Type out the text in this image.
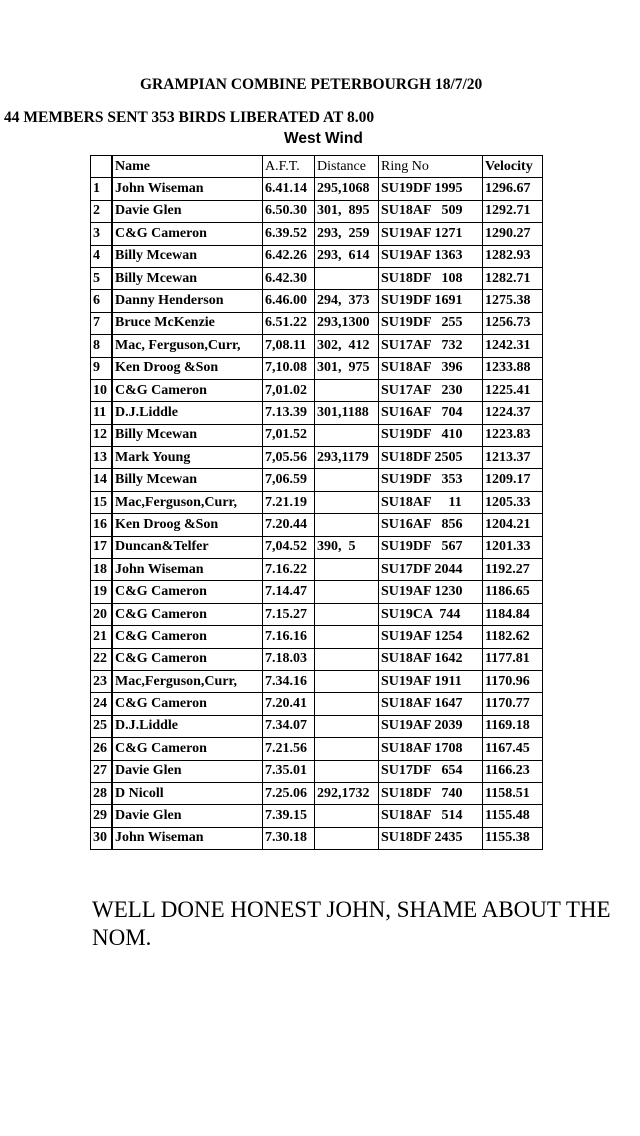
GRAMPIAN COMBINE PETERBOURGH 18/7/20
44 MEMBERS SENT 353 BIRDS LIBERATED AT 8.00
West Wind
	Name	A.F.T.	Distance	Ring No	Velocity
1	John Wiseman	6.41.14	295,1068	SU19DF 1995	1296.67
2	Davie Glen	6.50.30	301,  895	SU18AF   509	1292.71
3	C&G Cameron	6.39.52	293,  259	SU19AF 1271	1290.27
4	Billy Mcewan	6.42.26	293,  614	SU19AF 1363	1282.93
5	Billy Mcewan	6.42.30		SU18DF   108	1282.71
6	Danny Henderson	6.46.00	294,  373	SU19DF 1691	1275.38
7	Bruce McKenzie	6.51.22	293,1300	SU19DF   255	1256.73
8	Mac, Ferguson,Curr,	7,08.11	302,  412	SU17AF   732	1242.31
9	Ken Droog &Son	7,10.08	301,  975	SU18AF   396	1233.88
10	C&G Cameron	7,01.02		SU17AF   230	1225.41
11	D.J.Liddle	7.13.39	301,1188	SU16AF   704	1224.37
12	Billy Mcewan	7,01.52		SU19DF   410	1223.83
13	Mark Young	7,05.56	293,1179	SU18DF 2505	1213.37
14	Billy Mcewan	7,06.59		SU19DF   353	1209.17
15	Mac,Ferguson,Curr,	7.21.19		SU18AF     11	1205.33
16	Ken Droog &Son	7.20.44		SU16AF   856	1204.21
17	Duncan&Telfer	7,04.52	390,  5	SU19DF   567	1201.33
18	John Wiseman	7.16.22		SU17DF 2044	1192.27
19	C&G Cameron	7.14.47		SU19AF 1230	1186.65
20	C&G Cameron	7.15.27		SU19CA  744	1184.84
21	C&G Cameron	7.16.16		SU19AF 1254	1182.62
22	C&G Cameron	7.18.03		SU18AF 1642	1177.81
23	Mac,Ferguson,Curr,	7.34.16		SU19AF 1911	1170.96
24	C&G Cameron	7.20.41		SU18AF 1647	1170.77
25	D.J.Liddle	7.34.07		SU19AF 2039	1169.18
26	C&G Cameron	7.21.56		SU18AF 1708	1167.45
27	Davie Glen	7.35.01		SU17DF   654	1166.23
28	D Nicoll	7.25.06	292,1732	SU18DF   740	1158.51
29	Davie Glen	7.39.15		SU18AF   514	1155.48
30	John Wiseman	7.30.18		SU18DF 2435	1155.38
WELL DONE HONEST JOHN, SHAME ABOUT THE NOM.
